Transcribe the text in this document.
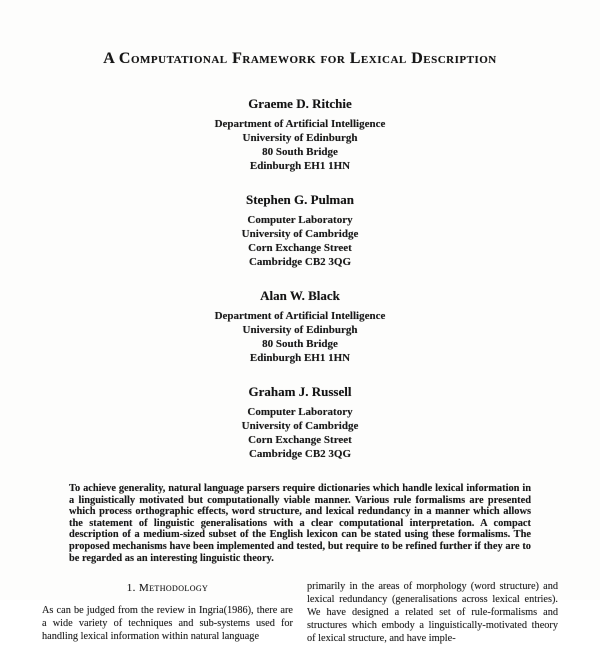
A Computational Framework for Lexical Description
Graeme D. Ritchie
Department of Artificial Intelligence
University of Edinburgh
80 South Bridge
Edinburgh EH1 1HN
Stephen G. Pulman
Computer Laboratory
University of Cambridge
Corn Exchange Street
Cambridge CB2 3QG
Alan W. Black
Department of Artificial Intelligence
University of Edinburgh
80 South Bridge
Edinburgh EH1 1HN
Graham J. Russell
Computer Laboratory
University of Cambridge
Corn Exchange Street
Cambridge CB2 3QG
To achieve generality, natural language parsers require dictionaries which handle lexical information in a linguistically motivated but computationally viable manner. Various rule formalisms are presented which process orthographic effects, word structure, and lexical redundancy in a manner which allows the statement of linguistic generalisations with a clear computational interpretation. A compact description of a medium-sized subset of the English lexicon can be stated using these formalisms. The proposed mechanisms have been implemented and tested, but require to be refined further if they are to be regarded as an interesting linguistic theory.
1. Methodology
As can be judged from the review in Ingria(1986), there are a wide variety of techniques and sub-systems used for handling lexical information within natural language
primarily in the areas of morphology (word structure) and lexical redundancy (generalisations across lexical entries). We have designed a related set of rule-formalisms and structures which embody a linguistically-motivated theory of lexical structure, and have imple-
